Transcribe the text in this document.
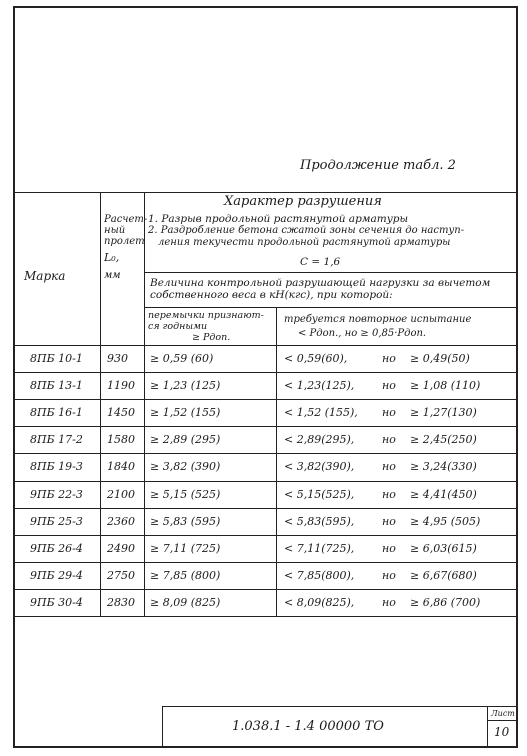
Продолжение табл. 2
Марка
Расчет-
ный
пролет
L₀,
мм
Характер разрушения
1. Разрыв продольной растянутой арматуры
2. Раздробление бетона сжатой зоны сечения до наступ-
ления текучести продольной растянутой арматуры
С = 1,6
Величина контрольной разрушающей нагрузки за вычетом
собственного веса в кН(кгс), при которой:
перемычки признают-
ся годными
≥ Pдоп.
требуется повторное испытание
< Pдоп., но ≥ 0,85·Pдоп.
8ПБ 10-1 930 ≥ 0,59 (60)	< 0,59(60),	но ≥ 0,49(50)
8ПБ 13-1 1190 ≥ 1,23 (125)	< 1,23(125),	но ≥ 1,08 (110)
8ПБ 16-1 1450 ≥ 1,52 (155)	< 1,52 (155), но ≥ 1,27(130)
8ПБ 17-2 1580 ≥ 2,89 (295)	< 2,89(295),	но ≥ 2,45(250)
8ПБ 19-3 1840 ≥ 3,82 (390)	< 3,82(390),	но ≥ 3,24(330)
9ПБ 22-3 2100 ≥ 5,15 (525)	< 5,15(525),	но ≥ 4,41(450)
9ПБ 25-3 2360 ≥ 5,83 (595)	< 5,83(595),	но ≥ 4,95 (505)
9ПБ 26-4 2490 ≥ 7,11 (725)	< 7,11(725),	но ≥ 6,03(615)
9ПБ 29-4 2750 ≥ 7,85 (800)	< 7,85(800),	но ≥ 6,67(680)
9ПБ 30-4 2830 ≥ 8,09 (825)	< 8,09(825),	но ≥ 6,86 (700)
1.038.1 - 1.4 00000 ТО
Лист
10
